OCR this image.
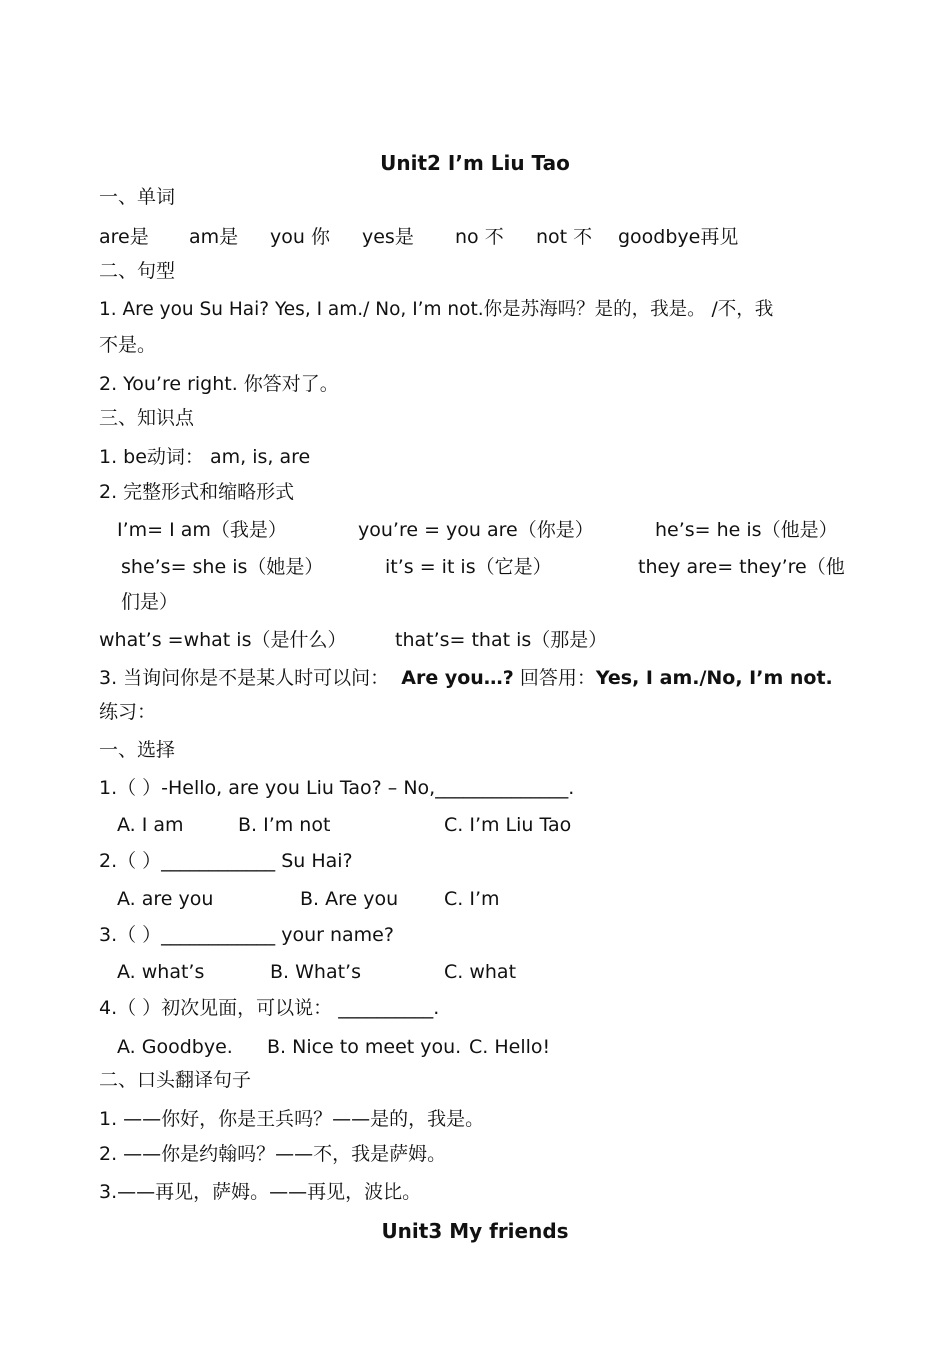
Unit2 I’m Liu Tao
一、单词
are是 am是 you 你 yes是 no 不 not 不 goodbye再见
二、句型
1. Are you Su Hai? Yes, I am./ No, I’m not.你是苏海吗？是的，我是。 /不，我
不是。
2. You’re right. 你答对了。
三、知识点
1. be动词： am, is, are
2. 完整形式和缩略形式
I’m= I am（我是）	you’re = you are（你是）	he’s= he is（他是）
she’s= she is（她是）	it’s = it is（它是）	they are= they’re（他
们是）
what’s =what is（是什么）	that’s= that is（那是）
3. 当询问你是不是某人时可以问： Are you…? 回答用：Yes, I am./No, I’m not.
练习：
一、选择
1.（ ）-Hello, are you Liu Tao? – No,______________.
A. I am	B. I’m not	C. I’m Liu Tao
2.（ ）____________ Su Hai?
A. are you	B. Are you C. I’m
3.（ ）____________ your name?
A. what’s	B. What’s	C. what
4.（ ）初次见面，可以说： __________.
A. Goodbye. B. Nice to meet you. C. Hello!
二、口头翻译句子
1. ——你好，你是王兵吗？——是的，我是。
2. ——你是约翰吗？——不，我是萨姆。
3.——再见，萨姆。——再见，波比。
Unit3 My friends
